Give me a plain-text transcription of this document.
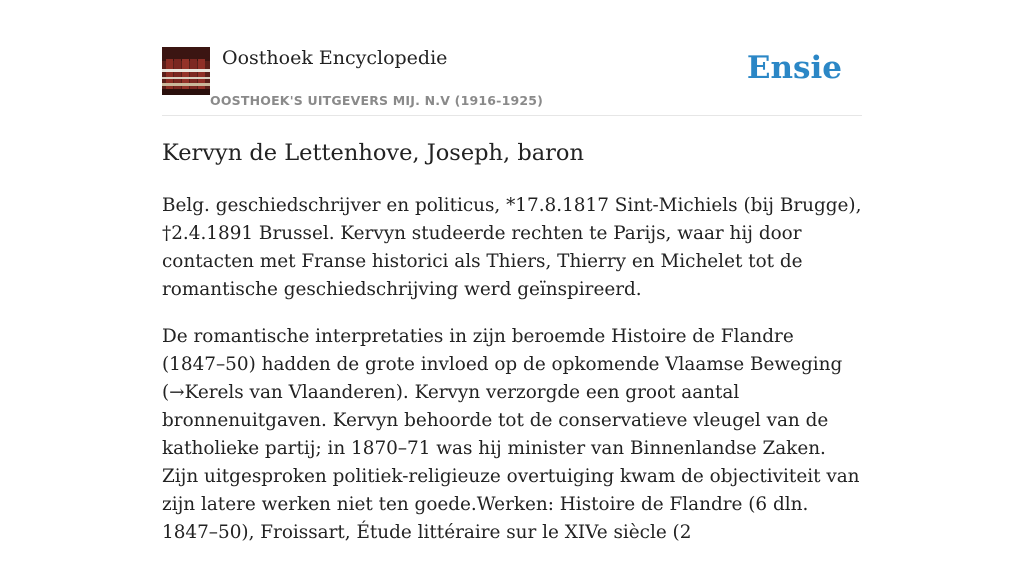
Oosthoek Encyclopedie
OOSTHOEK'S UITGEVERS MIJ. N.V (1916-1925)
Ensie
Kervyn de Lettenhove, Joseph, baron

Belg. geschiedschrijver en politicus, *17.8.1817 Sint-Michiels (bij Brugge), †2.4.1891 Brussel. Kervyn studeerde rechten te Parijs, waar hij door contacten met Franse historici als Thiers, Thierry en Michelet tot de romantische geschiedschrijving werd geïnspireerd.

De romantische interpretaties in zijn beroemde Histoire de Flandre (1847–50) hadden de grote invloed op de opkomende Vlaamse Beweging (→Kerels van Vlaanderen). Kervyn verzorgde een groot aantal bronnenuitgaven. Kervyn behoorde tot de conservatieve vleugel van de katholieke partij; in 1870–71 was hij minister van Binnenlandse Zaken. Zijn uitgesproken politiek-religieuze overtuiging kwam de objectiviteit van zijn latere werken niet ten goede.Werken: Histoire de Flandre (6 dln. 1847–50), Froissart, Étude littéraire sur le XIVe siècle (2
